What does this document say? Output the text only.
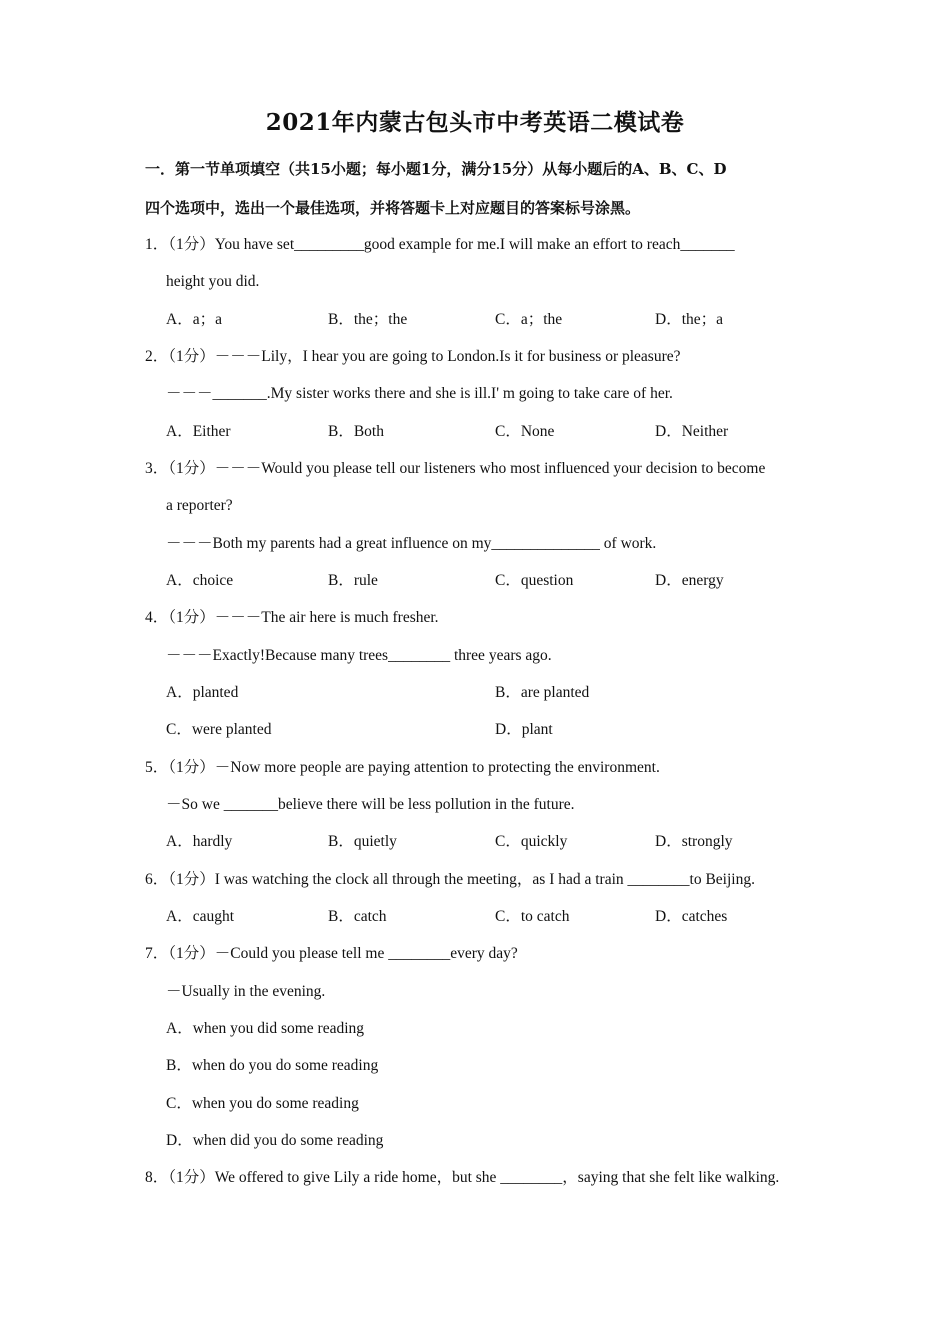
2021年内蒙古包头市中考英语二模试卷
一．第一节单项填空（共15小题；每小题1分，满分15分）从每小题后的A、B、C、D
四个选项中，选出一个最佳选项，并将答题卡上对应题目的答案标号涂黑。
1．（1分）You have set_________good example for me.I will make an effort to reach_______
height you did.
A．a；a	B．the；the	C．a；the	D．the；a
2．（1分）－－－Lily，I hear you are going to London.Is it for business or pleasure?
－－－_______.My sister works there and she is ill.I' m going to take care of her.
A．Either	B．Both	C．None	D．Neither
3．（1分）－－－Would you please tell our listeners who most influenced your decision to become
a reporter?
－－－Both my parents had a great influence on my______________ of work.
A．choice	B．rule	C．question	D．energy
4．（1分）－－－The air here is much fresher.
－－－Exactly!Because many trees________ three years ago.
A．planted	B．are planted
C．were planted	D．plant
5．（1分）－Now more people are paying attention to protecting the environment.
－So we _______believe there will be less pollution in the future.
A．hardly	B．quietly	C．quickly	D．strongly
6．（1分）I was watching the clock all through the meeting，as I had a train ________to Beijing.
A．caught	B．catch	C．to catch	D．catches
7．（1分）－Could you please tell me ________every day?
－Usually in the evening.
A．when you did some reading
B．when do you do some reading
C．when you do some reading
D．when did you do some reading
8．（1分）We offered to give Lily a ride home，but she ________，saying that she felt like walking.
